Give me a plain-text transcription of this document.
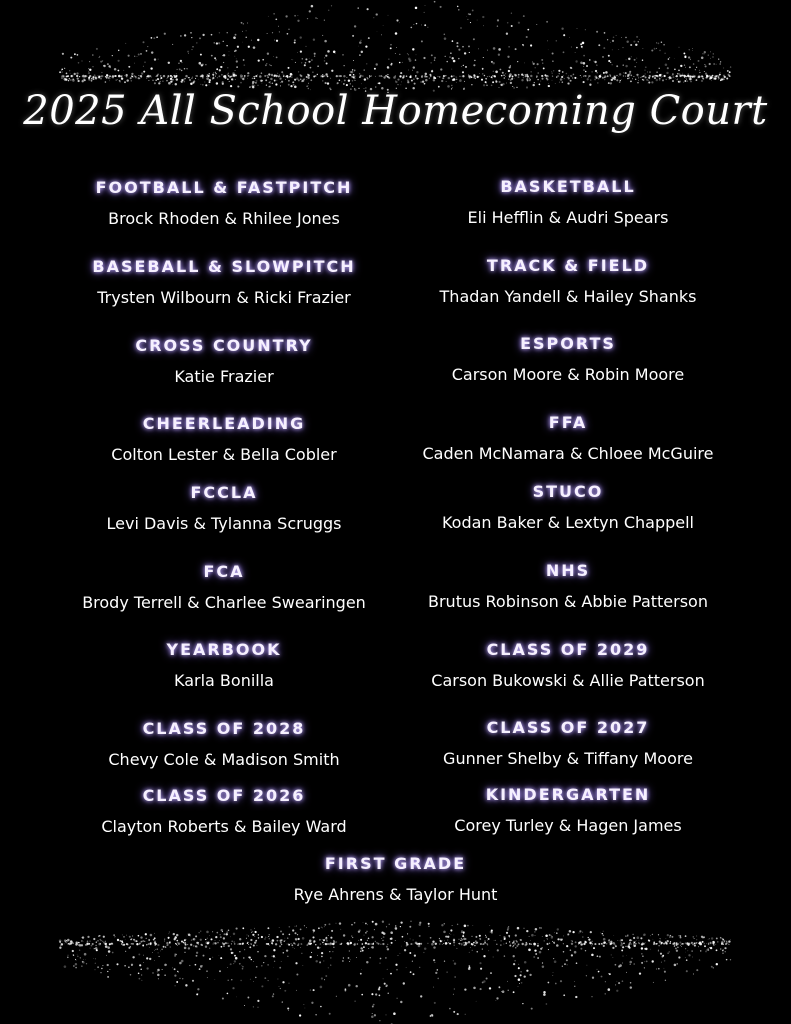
2025 All School Homecoming Court
FOOTBALL & FASTPITCH
Brock Rhoden & Rhilee Jones
BASEBALL & SLOWPITCH
Trysten Wilbourn & Ricki Frazier
CROSS COUNTRY
Katie Frazier
CHEERLEADING
Colton Lester & Bella Cobler
FCCLA
Levi Davis & Tylanna Scruggs
FCA
Brody Terrell & Charlee Swearingen
YEARBOOK
Karla Bonilla
CLASS OF 2028
Chevy Cole & Madison Smith
CLASS OF 2026
Clayton Roberts & Bailey Ward
BASKETBALL
Eli Hefflin & Audri Spears
TRACK & FIELD
Thadan Yandell & Hailey Shanks
ESPORTS
Carson Moore & Robin Moore
FFA
Caden McNamara & Chloee McGuire
STUCO
Kodan Baker & Lextyn Chappell
NHS
Brutus Robinson & Abbie Patterson
CLASS OF 2029
Carson Bukowski & Allie Patterson
CLASS OF 2027
Gunner Shelby & Tiffany Moore
KINDERGARTEN
Corey Turley & Hagen James
FIRST GRADE
Rye Ahrens & Taylor Hunt
